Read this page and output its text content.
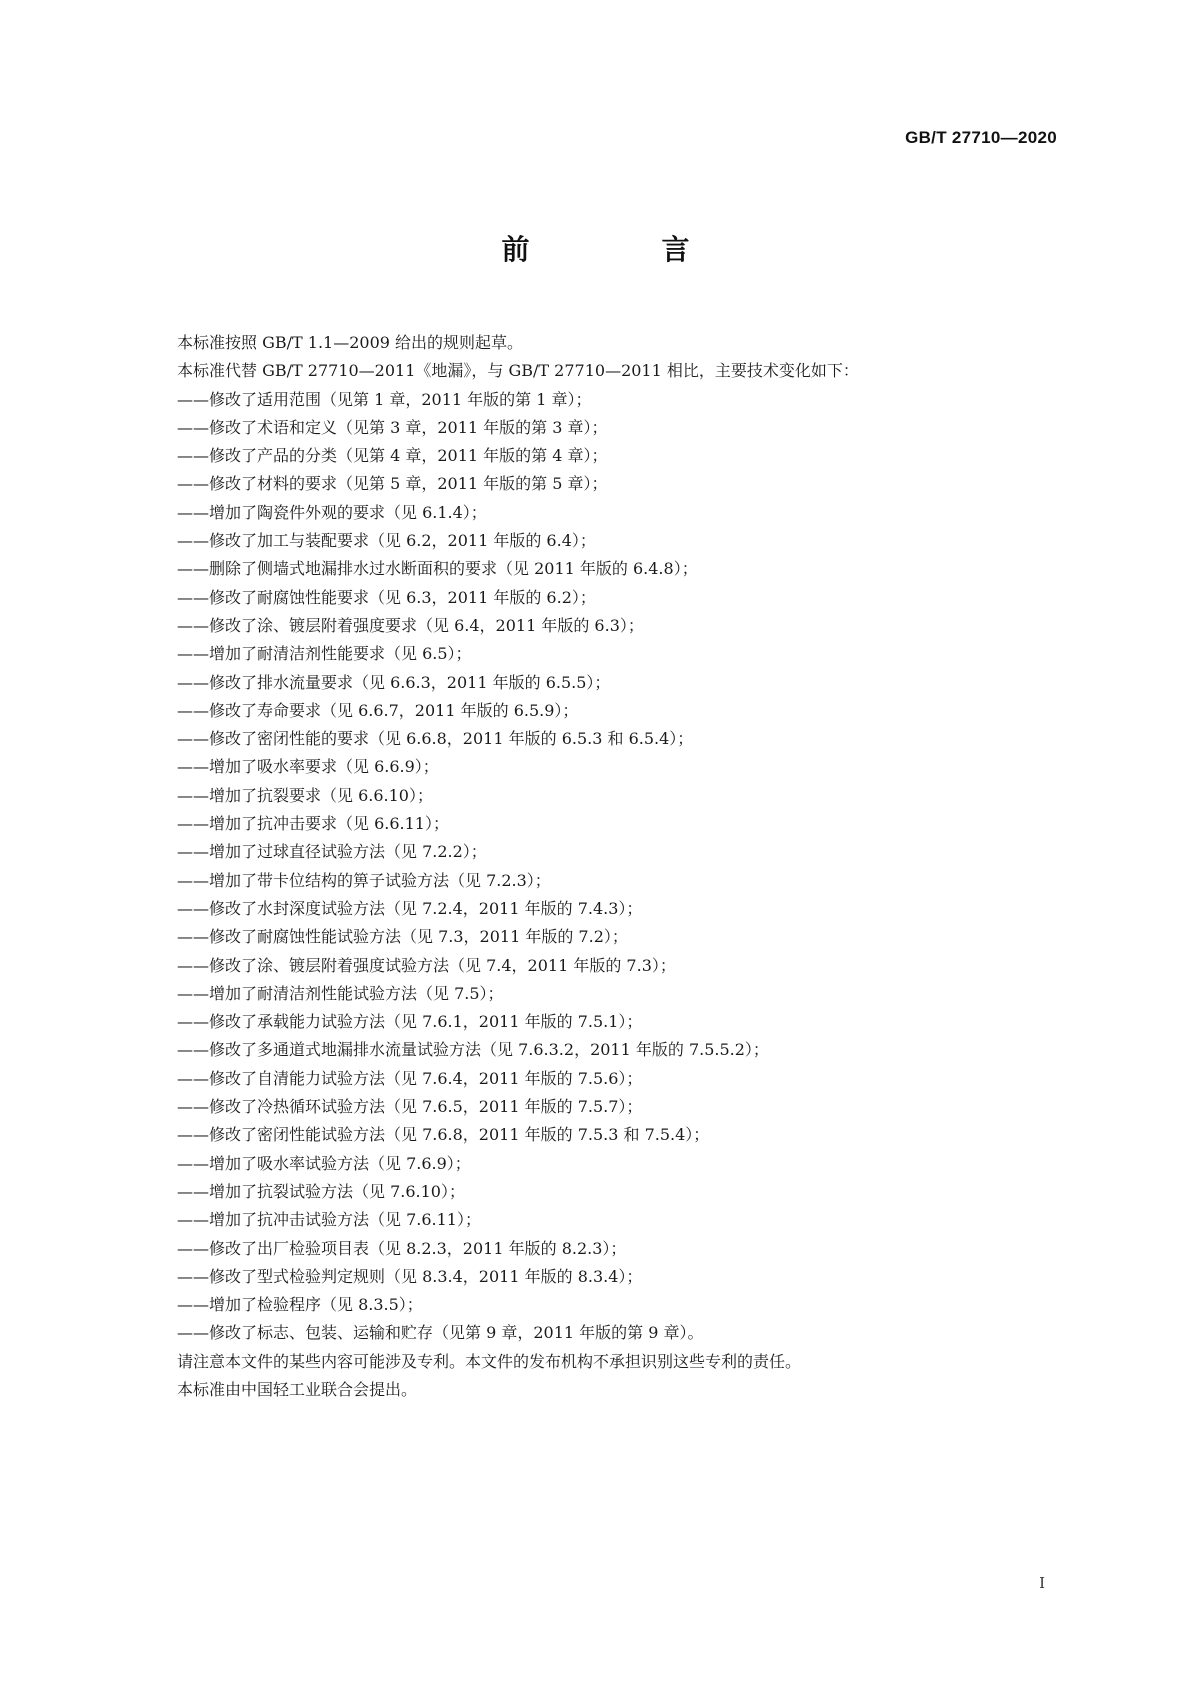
GB/T 27710—2020
前　言
本标准按照 GB/T 1.1—2009 给出的规则起草。
本标准代替 GB/T 27710—2011《地漏》，与 GB/T 27710—2011 相比，主要技术变化如下：
——修改了适用范围（见第 1 章，2011 年版的第 1 章）；
——修改了术语和定义（见第 3 章，2011 年版的第 3 章）；
——修改了产品的分类（见第 4 章，2011 年版的第 4 章）；
——修改了材料的要求（见第 5 章，2011 年版的第 5 章）；
——增加了陶瓷件外观的要求（见 6.1.4）；
——修改了加工与装配要求（见 6.2，2011 年版的 6.4）；
——删除了侧墙式地漏排水过水断面积的要求（见 2011 年版的 6.4.8）；
——修改了耐腐蚀性能要求（见 6.3，2011 年版的 6.2）；
——修改了涂、镀层附着强度要求（见 6.4，2011 年版的 6.3）；
——增加了耐清洁剂性能要求（见 6.5）；
——修改了排水流量要求（见 6.6.3，2011 年版的 6.5.5）；
——修改了寿命要求（见 6.6.7，2011 年版的 6.5.9）；
——修改了密闭性能的要求（见 6.6.8，2011 年版的 6.5.3 和 6.5.4）；
——增加了吸水率要求（见 6.6.9）；
——增加了抗裂要求（见 6.6.10）；
——增加了抗冲击要求（见 6.6.11）；
——增加了过球直径试验方法（见 7.2.2）；
——增加了带卡位结构的箅子试验方法（见 7.2.3）；
——修改了水封深度试验方法（见 7.2.4，2011 年版的 7.4.3）；
——修改了耐腐蚀性能试验方法（见 7.3，2011 年版的 7.2）；
——修改了涂、镀层附着强度试验方法（见 7.4，2011 年版的 7.3）；
——增加了耐清洁剂性能试验方法（见 7.5）；
——修改了承载能力试验方法（见 7.6.1，2011 年版的 7.5.1）；
——修改了多通道式地漏排水流量试验方法（见 7.6.3.2，2011 年版的 7.5.5.2）；
——修改了自清能力试验方法（见 7.6.4，2011 年版的 7.5.6）；
——修改了冷热循环试验方法（见 7.6.5，2011 年版的 7.5.7）；
——修改了密闭性能试验方法（见 7.6.8，2011 年版的 7.5.3 和 7.5.4）；
——增加了吸水率试验方法（见 7.6.9）；
——增加了抗裂试验方法（见 7.6.10）；
——增加了抗冲击试验方法（见 7.6.11）；
——修改了出厂检验项目表（见 8.2.3，2011 年版的 8.2.3）；
——修改了型式检验判定规则（见 8.3.4，2011 年版的 8.3.4）；
——增加了检验程序（见 8.3.5）；
——修改了标志、包装、运输和贮存（见第 9 章，2011 年版的第 9 章）。
请注意本文件的某些内容可能涉及专利。本文件的发布机构不承担识别这些专利的责任。
本标准由中国轻工业联合会提出。
I
